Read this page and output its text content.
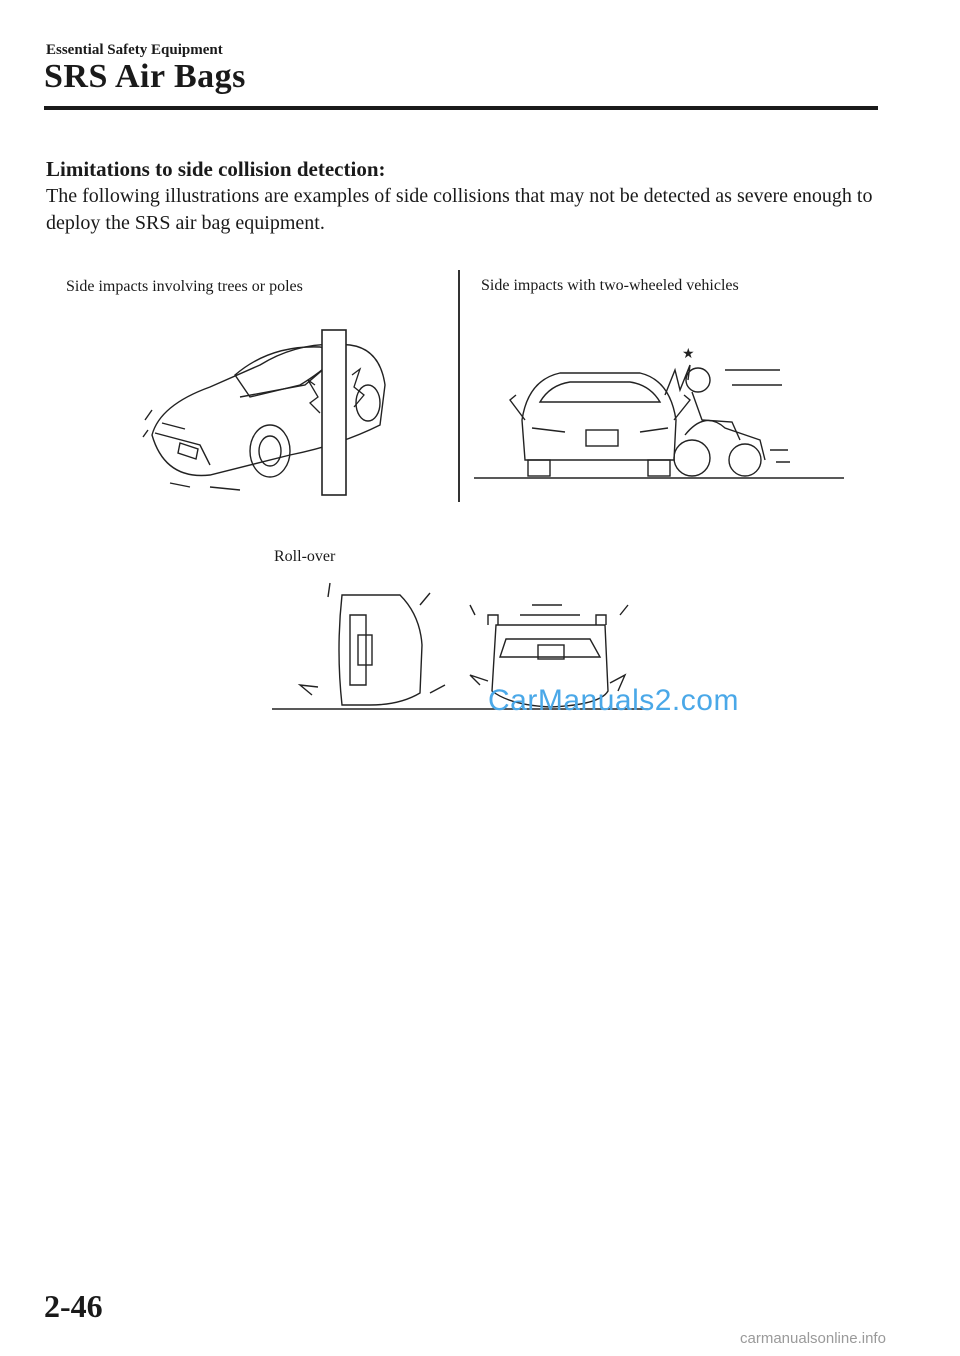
Essential Safety Equipment
SRS Air Bags
Limitations to side collision detection:
The following illustrations are examples of side collisions that may not be detected as severe enough to deploy the SRS air bag equipment.
Side impacts involving trees or poles	Side impacts with two-wheeled vehicles
★
Roll-over
CarManuals2.com
2-46
carmanualsonline.info
